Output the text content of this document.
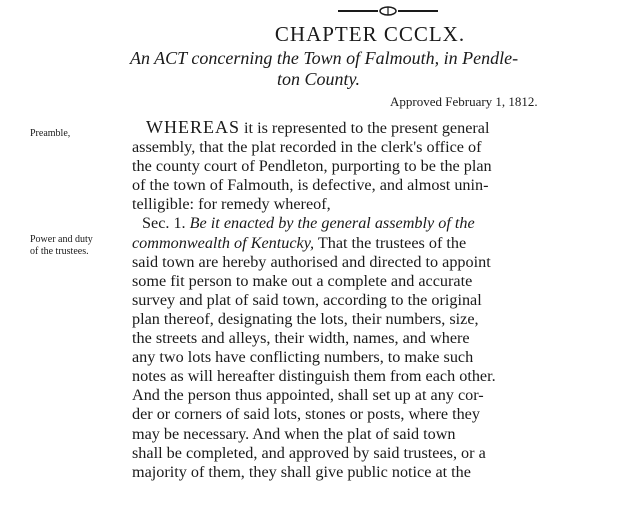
CHAPTER CCCLX.
An ACT concerning the Town of Falmouth, in Pendle-
ton County.
Approved February 1, 1812.
Preamble,
Power and duty
of the trustees.
WHEREAS it is represented to the present general
assembly, that the plat recorded in the clerk's office of
the county court of Pendleton, purporting to be the plan
of the town of Falmouth, is defective, and almost unin-
telligible: for remedy whereof,
Sec. 1. Be it enacted by the general assembly of the
commonwealth of Kentucky, That the trustees of the
said town are hereby authorised and directed to appoint
some fit person to make out a complete and accurate
survey and plat of said town, according to the original
plan thereof, designating the lots, their numbers, size,
the streets and alleys, their width, names, and where
any two lots have conflicting numbers, to make such
notes as will hereafter distinguish them from each other.
And the person thus appointed, shall set up at any cor-
der or corners of said lots, stones or posts, where they
may be necessary. And when the plat of said town
shall be completed, and approved by said trustees, or a
majority of them, they shall give public notice at the
